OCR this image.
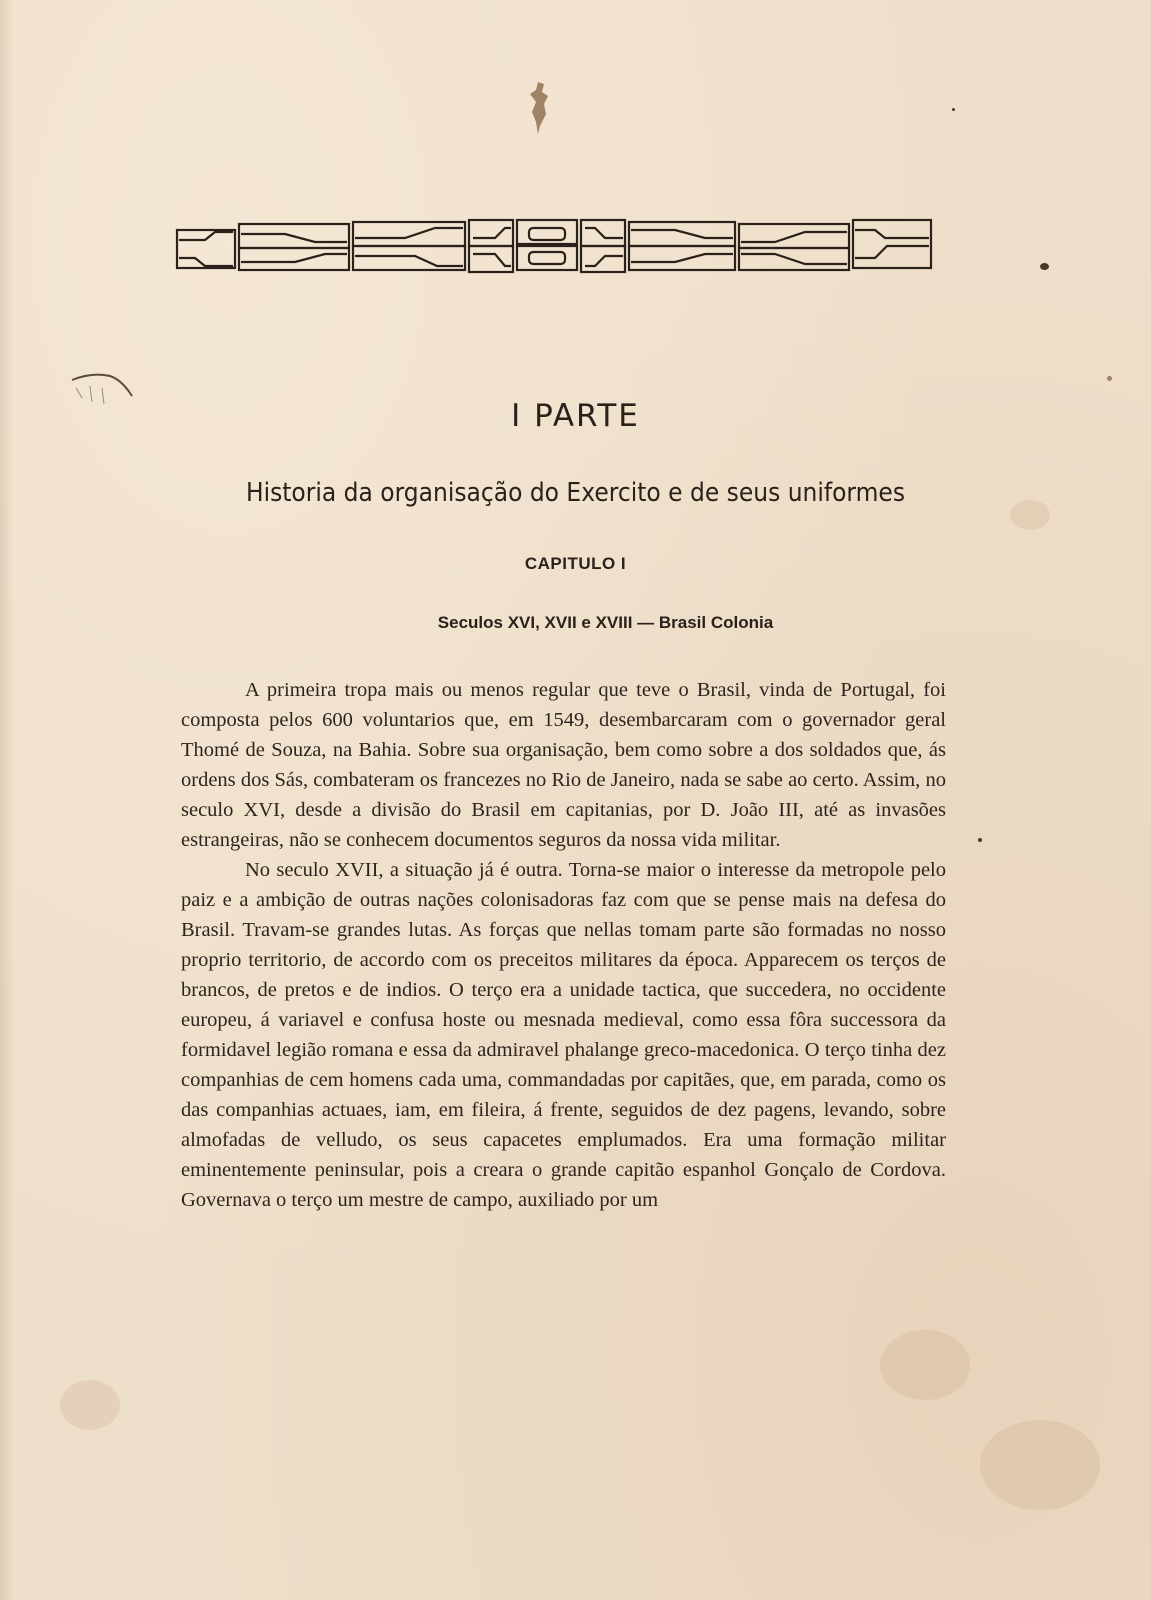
I PARTE
Historia da organisação do Exercito e de seus uniformes
CAPITULO I
Seculos XVI, XVII e XVIII — Brasil Colonia

A primeira tropa mais ou menos regular que teve o Brasil, vinda de Portugal, foi composta pelos 600 voluntarios que, em 1549, desembarcaram com o governador geral Thomé de Souza, na Bahia. Sobre sua organisação, bem como sobre a dos soldados que, ás ordens dos Sás, combateram os francezes no Rio de Janeiro, nada se sabe ao certo. Assim, no seculo XVI, desde a divisão do Brasil em capitanias, por D. João III, até as invasões estrangeiras, não se conhecem documentos seguros da nossa vida militar.

No seculo XVII, a situação já é outra. Torna-se maior o interesse da metropole pelo paiz e a ambição de outras nações colonisadoras faz com que se pense mais na defesa do Brasil. Travam-se grandes lutas. As forças que nellas tomam parte são formadas no nosso proprio territorio, de accordo com os preceitos militares da época. Apparecem os terços de brancos, de pretos e de indios. O terço era a unidade tactica, que succedera, no occidente europeu, á variavel e confusa hoste ou mesnada medieval, como essa fôra successora da formidavel legião romana e essa da admiravel phalange greco-macedonica. O terço tinha dez companhias de cem homens cada uma, commandadas por capitães, que, em parada, como os das companhias actuaes, iam, em fileira, á frente, seguidos de dez pagens, levando, sobre almofadas de velludo, os seus capacetes emplumados. Era uma formação militar eminentemente peninsular, pois a creara o grande capitão espanhol Gonçalo de Cordova. Governava o terço um mestre de campo, auxiliado por um
